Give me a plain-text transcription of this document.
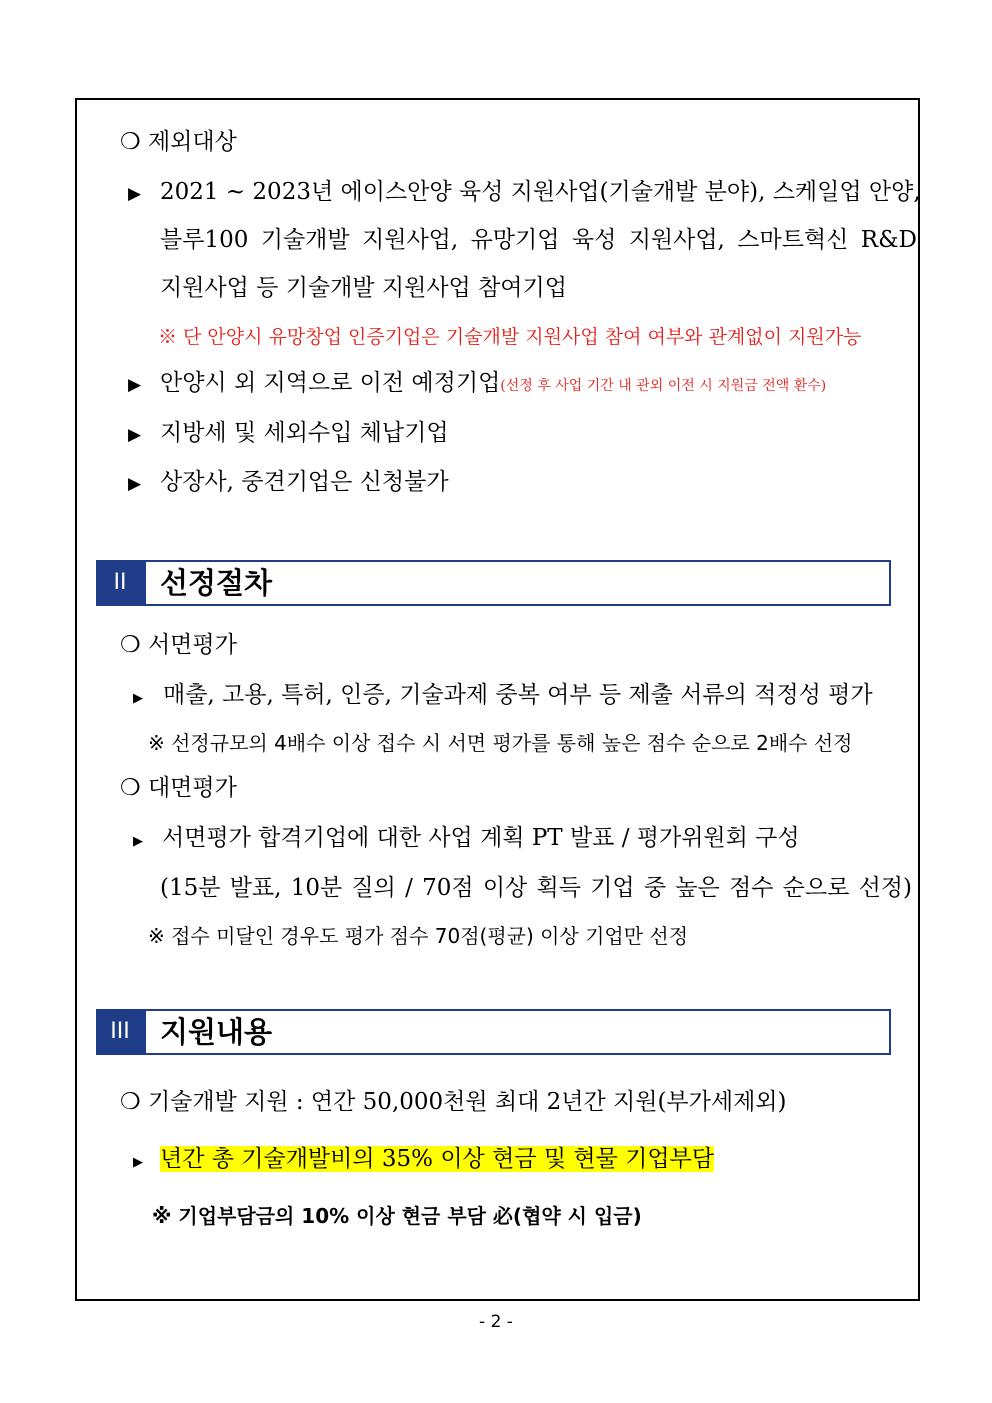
❍ 제외대상
▶ 2021 ~ 2023년 에이스안양 육성 지원사업(기술개발 분야), 스케일업 안양,
블루100 기술개발 지원사업, 유망기업 육성 지원사업, 스마트혁신 R&D
지원사업 등 기술개발 지원사업 참여기업
※ 단 안양시 유망창업 인증기업은 기술개발 지원사업 참여 여부와 관계없이 지원가능
▶ 안양시 외 지역으로 이전 예정기업(선정 후 사업 기간 내 관외 이전 시 지원금 전액 환수)
▶ 지방세 및 세외수입 체납기업
▶ 상장사, 중견기업은 신청불가
II	선정절차
❍ 서면평가
▶ 매출, 고용, 특허, 인증, 기술과제 중복 여부 등 제출 서류의 적정성 평가
※ 선정규모의 4배수 이상 접수 시 서면 평가를 통해 높은 점수 순으로 2배수 선정
❍ 대면평가
▶ 서면평가 합격기업에 대한 사업 계획 PT 발표 / 평가위원회 구성
(15분 발표, 10분 질의 / 70점 이상 획득 기업 중 높은 점수 순으로 선정)
※ 접수 미달인 경우도 평가 점수 70점(평균) 이상 기업만 선정
III	지원내용
❍ 기술개발 지원 : 연간 50,000천원 최대 2년간 지원(부가세제외)
▶ 년간 총 기술개발비의 35% 이상 현금 및 현물 기업부담
※ 기업부담금의 10% 이상 현금 부담 必(협약 시 입금)
- 2 -
